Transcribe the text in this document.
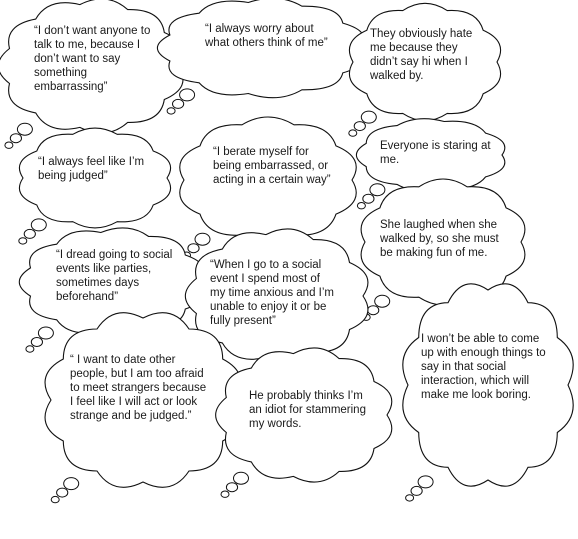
“I don’t want anyone to talk to me, because I don’t want to say something embarrassing”

“I always worry about what others think of me”

They obviously hate me because they didn’t say hi when I walked by.

“I always feel like I’m being judged”

“I berate myself for being embarrassed, or acting in a certain way”

Everyone is staring at me.

She laughed when she walked by, so she must be making fun of me.

“I dread going to social events like parties, sometimes days beforehand”

“When I go to a social event I spend most of my time anxious and I’m unable to enjoy it or be fully present”

“ I want to date other people, but I am too afraid to meet strangers because I feel like I will act or look strange and be judged.”

He probably thinks I’m an idiot for stammering my words.

I won’t be able to come up with enough things to say in that social interaction, which will make me look boring.
